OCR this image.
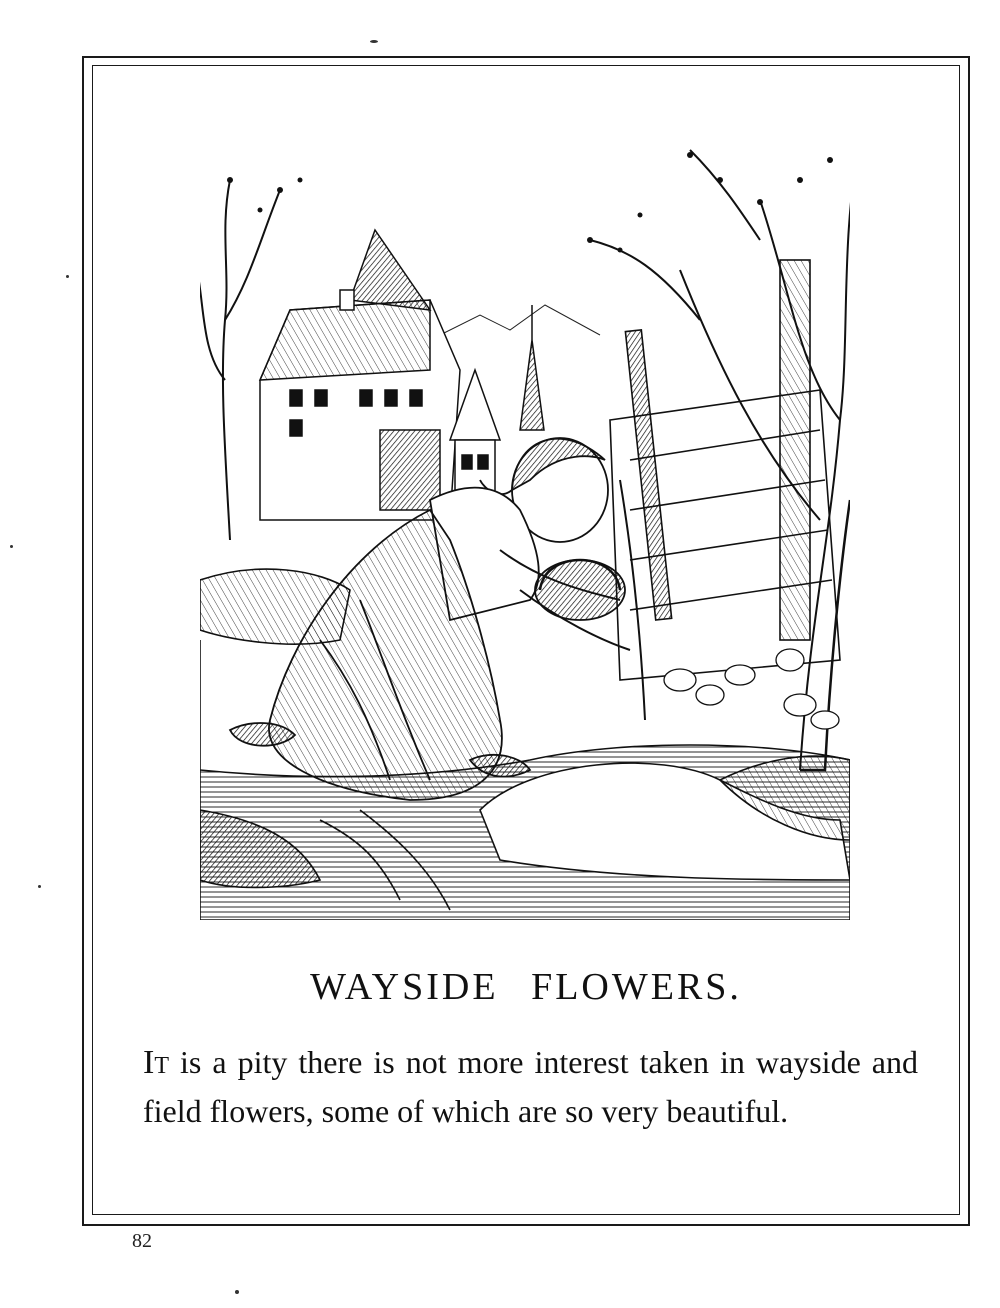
WAYSIDE FLOWERS.
It is a pity there is not more interest taken in wayside and field flowers, some of which are so very beautiful.
82
